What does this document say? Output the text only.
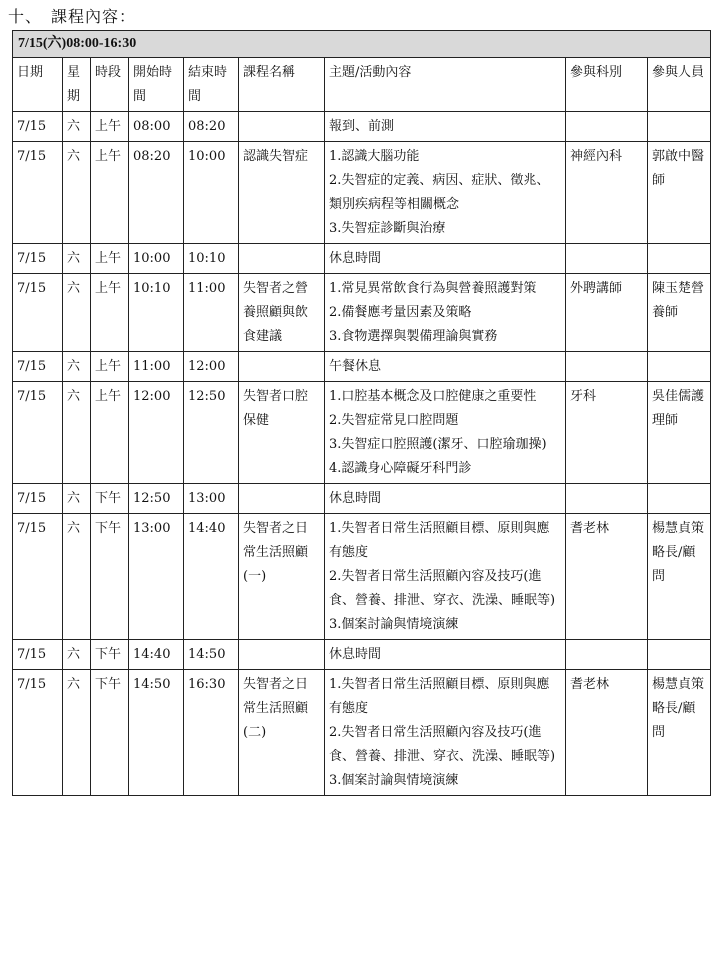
十、　課程內容：
7/15(六)08:00-16:30								
日期	星期	時段	開始時間	結束時間	課程名稱	主題/活動內容	參與科別	參與人員
7/15	六	上午	08:00	08:20		報到、前測		

7/15	六	上午	08:20	10:00	認識失智症	1.認識大腦功能
2.失智症的定義、病因、症狀、徵兆、類別疾病程等相關概念
3.失智症診斷與治療	神經內科	郭啟中醫師
7/15	六	上午	10:00	10:10		休息時間		

7/15	六	上午	10:10	11:00	失智者之營養照顧與飲食建議	1.常見異常飲食行為與營養照護對策
2.備餐應考量因素及策略
3.食物選擇與製備理論與實務	外聘講師	陳玉楚營養師
7/15	六	上午	11:00	12:00		午餐休息		

7/15	六	上午	12:00	12:50	失智者口腔保健	1.口腔基本概念及口腔健康之重要性
2.失智症常見口腔問題
3.失智症口腔照護(潔牙、口腔瑜珈操)
4.認識身心障礙牙科門診	牙科	吳佳儒護理師
7/15	六	下午	12:50	13:00		休息時間		

7/15	六	下午	13:00	14:40	失智者之日常生活照顧(一)	1.失智者日常生活照顧目標、原則與應有態度
2.失智者日常生活照顧內容及技巧(進食、營養、排泄、穿衣、洗澡、睡眠等)
3.個案討論與情境演練	耆老林	楊慧貞策略長/顧問
7/15	六	下午	14:40	14:50		休息時間		

7/15	六	下午	14:50	16:30	失智者之日常生活照顧(二)	1.失智者日常生活照顧目標、原則與應有態度
2.失智者日常生活照顧內容及技巧(進食、營養、排泄、穿衣、洗澡、睡眠等)
3.個案討論與情境演練	耆老林	楊慧貞策略長/顧問
